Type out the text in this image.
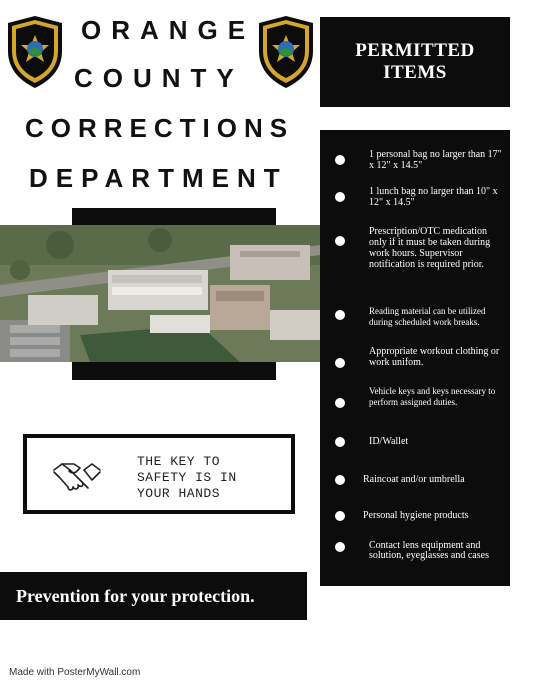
ORANGE
COUNTY
CORRECTIONS
DEPARTMENT
PERMITTED
ITEMS
1 personal bag no larger than 17" x 12" x 14.5"
1 lunch bag no larger than 10" x 12" x 14.5"
Prescription/OTC medication only if it must be taken during work hours. Supervisor notification is required prior.
Reading material can be utilized during scheduled work breaks.
Appropriate workout clothing or work unifom.
Vehicle keys and keys necessary to perform assigned duties.
ID/Wallet
Raincoat and/or umbrella
Personal hygiene products
Contact lens equipment and solution, eyeglasses and cases
THE KEY TO
SAFETY IS IN
YOUR HANDS
Prevention for your protection.
Made with PosterMyWall.com
